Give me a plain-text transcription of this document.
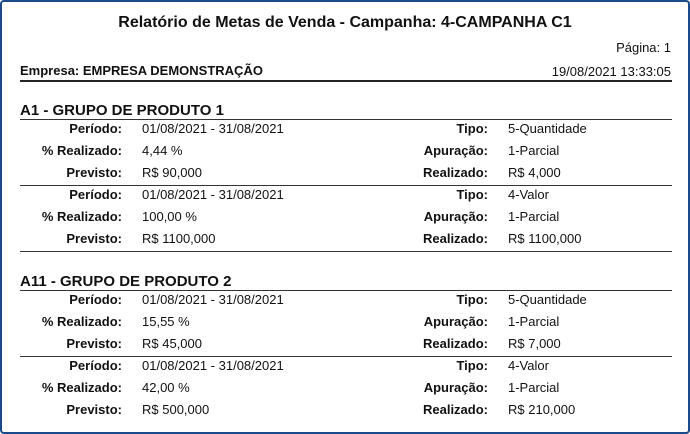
Relatório de Metas de Venda - Campanha: 4-CAMPANHA C1
Página: 1
Empresa: EMPRESA DEMONSTRAÇÃO	19/08/2021 13:33:05
A1 - GRUPO DE PRODUTO 1
Período: 01/08/2021 - 31/08/2021	Tipo: 5-Quantidade
% Realizado: 4,44 %	Apuração: 1-Parcial
Previsto: R$ 90,000	Realizado: R$ 4,000
Período: 01/08/2021 - 31/08/2021	Tipo: 4-Valor
% Realizado: 100,00 %	Apuração: 1-Parcial
Previsto: R$ 1100,000	Realizado: R$ 1100,000
A11 - GRUPO DE PRODUTO 2
Período: 01/08/2021 - 31/08/2021	Tipo: 5-Quantidade
% Realizado: 15,55 %	Apuração: 1-Parcial
Previsto: R$ 45,000	Realizado: R$ 7,000
Período: 01/08/2021 - 31/08/2021	Tipo: 4-Valor
% Realizado: 42,00 %	Apuração: 1-Parcial
Previsto: R$ 500,000	Realizado: R$ 210,000
